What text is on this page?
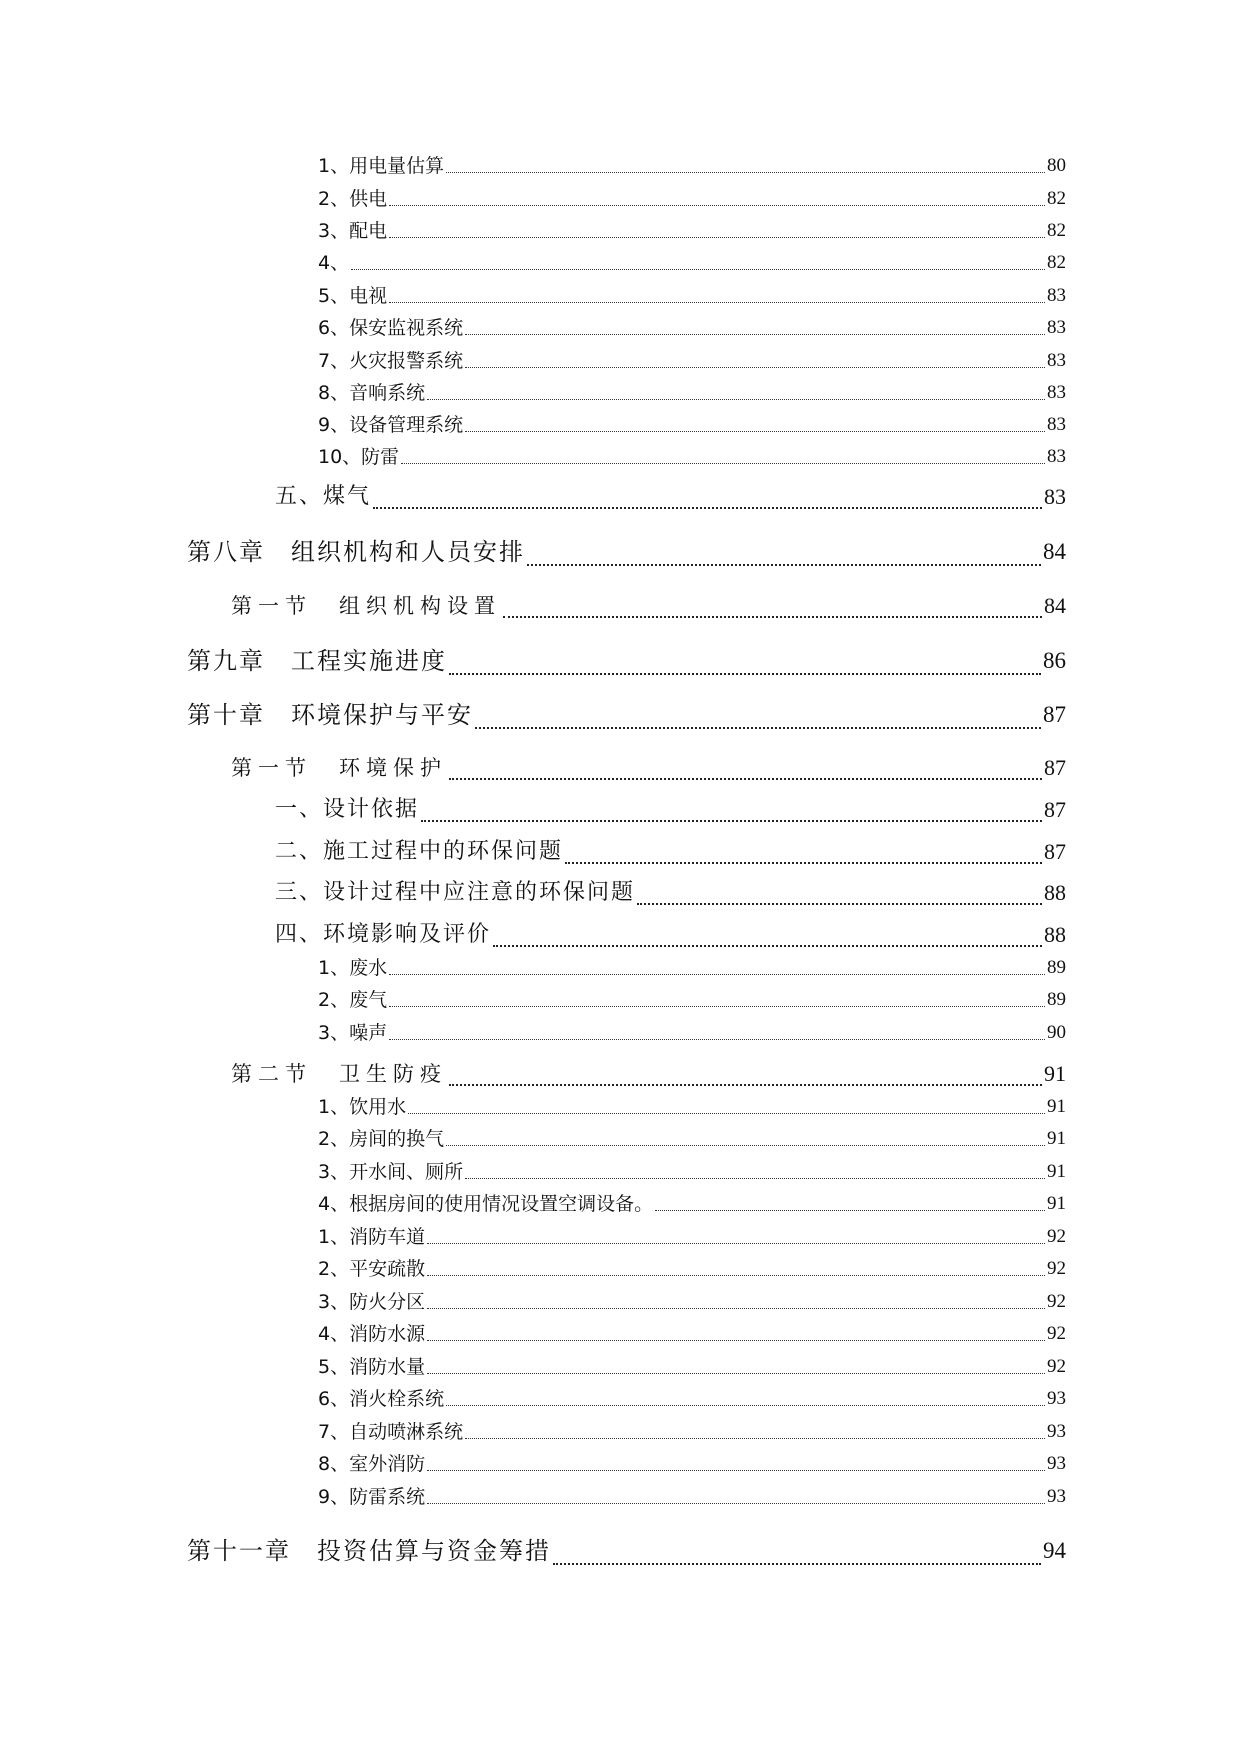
1、用电量估算	80
2、供电	82
3、配电	82
4、	82
5、电视	83
6、保安监视系统	83
7、火灾报警系统	83
8、音响系统	83
9、设备管理系统	83
10、防雷	83
五、煤气	83
第八章　组织机构和人员安排	84
第一节　组织机构设置	84
第九章　工程实施进度	86
第十章　环境保护与平安	87
第一节　环境保护	87
一、设计依据	87
二、施工过程中的环保问题	87
三、设计过程中应注意的环保问题	88
四、环境影响及评价	88
1、废水	89
2、废气	89
3、噪声	90
第二节　卫生防疫	91
1、饮用水	91
2、房间的换气	91
3、开水间、厕所	91
4、根据房间的使用情况设置空调设备。	91
1、消防车道	92
2、平安疏散	92
3、防火分区	92
4、消防水源	92
5、消防水量	92
6、消火栓系统	93
7、自动喷淋系统	93
8、室外消防	93
9、防雷系统	93
第十一章　投资估算与资金筹措	94
